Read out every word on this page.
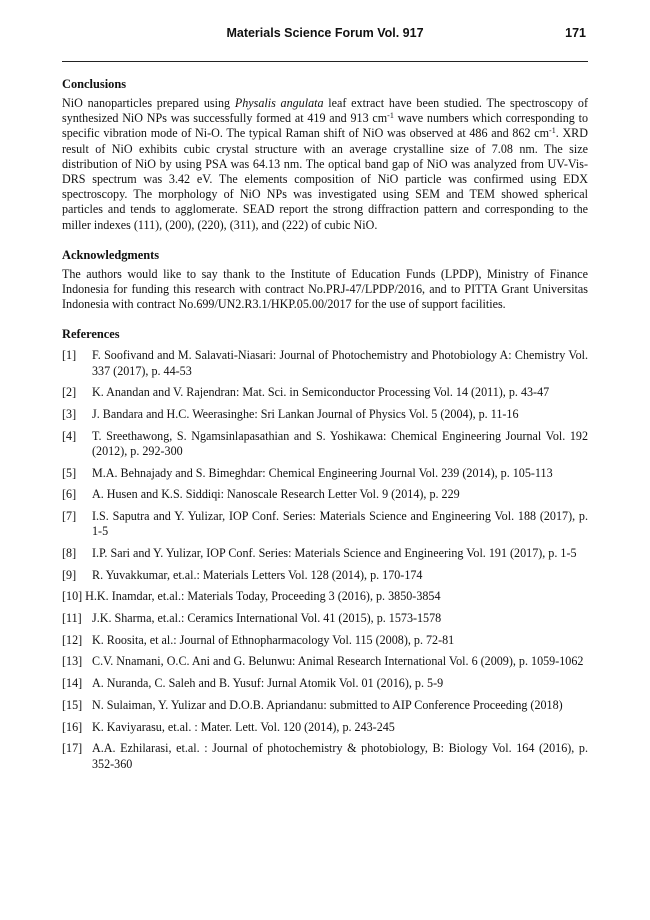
Materials Science Forum Vol. 917	171
Conclusions

NiO nanoparticles prepared using Physalis angulata leaf extract have been studied. The spectroscopy of synthesized NiO NPs was successfully formed at 419 and 913 $cm^{-1}$ wave numbers which corresponding to specific vibration mode of Ni-O. The typical Raman shift of NiO was observed at 486 and 862 $cm^{-1}$. XRD result of NiO exhibits cubic crystal structure with an average crystalline size of 7.08 nm. The size distribution of NiO by using PSA was 64.13 nm. The optical band gap of NiO was analyzed from UV-Vis-DRS spectrum was 3.42 eV. The elements composition of NiO particle was confirmed using EDX spectroscopy. The morphology of NiO NPs was investigated using SEM and TEM showed spherical particles and tends to agglomerate. SEAD report the strong diffraction pattern and corresponding to the miller indexes (111), (200), (220), (311), and (222) of cubic NiO.

Acknowledgments

The authors would like to say thank to the Institute of Education Funds (LPDP), Ministry of Finance Indonesia for funding this research with contract No.PRJ-47/LPDP/2016, and to PITTA Grant Universitas Indonesia with contract No.699/UN2.R3.1/HKP.05.00/2017 for the use of support facilities.

References
[1] F. Soofivand and M. Salavati-Niasari: Journal of Photochemistry and Photobiology A: Chemistry Vol. 337 (2017), p. 44-53
[2] K. Anandan and V. Rajendran: Mat. Sci. in Semiconductor Processing Vol. 14 (2011), p. 43-47
[3] J. Bandara and H.C. Weerasinghe: Sri Lankan Journal of Physics Vol. 5 (2004), p. 11-16
[4] T. Sreethawong, S. Ngamsinlapasathian and S. Yoshikawa: Chemical Engineering Journal Vol. 192 (2012), p. 292-300
[5] M.A. Behnajady and S. Bimeghdar: Chemical Engineering Journal Vol. 239 (2014), p. 105-113
[6] A. Husen and K.S. Siddiqi: Nanoscale Research Letter Vol. 9 (2014), p. 229
[7] I.S. Saputra and Y. Yulizar, IOP Conf. Series: Materials Science and Engineering Vol. 188 (2017), p. 1-5
[8] I.P. Sari and Y. Yulizar, IOP Conf. Series: Materials Science and Engineering Vol. 191 (2017), p. 1-5
[9] R. Yuvakkumar, et.al.: Materials Letters Vol. 128 (2014), p. 170-174
[10] H.K. Inamdar, et.al.: Materials Today, Proceeding 3 (2016), p. 3850-3854
[11] J.K. Sharma, et.al.: Ceramics International Vol. 41 (2015), p. 1573-1578
[12] K. Roosita, et al.: Journal of Ethnopharmacology Vol. 115 (2008), p. 72-81
[13] C.V. Nnamani, O.C. Ani and G. Belunwu: Animal Research International Vol. 6 (2009), p. 1059-1062
[14] A. Nuranda, C. Saleh and B. Yusuf: Jurnal Atomik Vol. 01 (2016), p. 5-9
[15] N. Sulaiman, Y. Yulizar and D.O.B. Apriandanu: submitted to AIP Conference Proceeding (2018)
[16] K. Kaviyarasu, et.al. : Mater. Lett. Vol. 120 (2014), p. 243-245
[17] A.A. Ezhilarasi, et.al. : Journal of photochemistry & photobiology, B: Biology Vol. 164 (2016), p. 352-360
